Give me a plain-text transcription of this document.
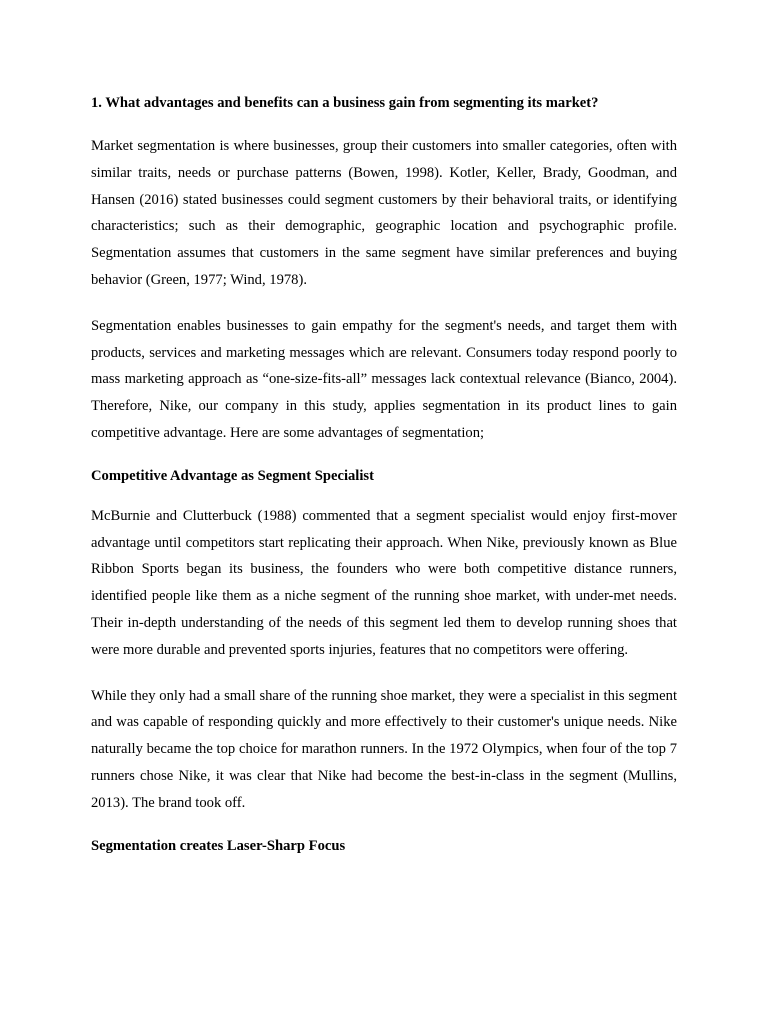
1. What advantages and benefits can a business gain from segmenting its market?

Market segmentation is where businesses, group their customers into smaller categories, often with similar traits, needs or purchase patterns (Bowen, 1998). Kotler, Keller, Brady, Goodman, and Hansen (2016) stated businesses could segment customers by their behavioral traits, or identifying characteristics; such as their demographic, geographic location and psychographic profile. Segmentation assumes that customers in the same segment have similar preferences and buying behavior (Green, 1977; Wind, 1978).

Segmentation enables businesses to gain empathy for the segment's needs, and target them with products, services and marketing messages which are relevant. Consumers today respond poorly to mass marketing approach as “one-size-fits-all” messages lack contextual relevance (Bianco, 2004). Therefore, Nike, our company in this study, applies segmentation in its product lines to gain competitive advantage. Here are some advantages of segmentation;

Competitive Advantage as Segment Specialist

McBurnie and Clutterbuck (1988) commented that a segment specialist would enjoy first-mover advantage until competitors start replicating their approach. When Nike, previously known as Blue Ribbon Sports began its business, the founders who were both competitive distance runners, identified people like them as a niche segment of the running shoe market, with under-met needs. Their in-depth understanding of the needs of this segment led them to develop running shoes that were more durable and prevented sports injuries, features that no competitors were offering.

While they only had a small share of the running shoe market, they were a specialist in this segment and was capable of responding quickly and more effectively to their customer's unique needs. Nike naturally became the top choice for marathon runners. In the 1972 Olympics, when four of the top 7 runners chose Nike, it was clear that Nike had become the best-in-class in the segment (Mullins, 2013). The brand took off.

Segmentation creates Laser-Sharp Focus
